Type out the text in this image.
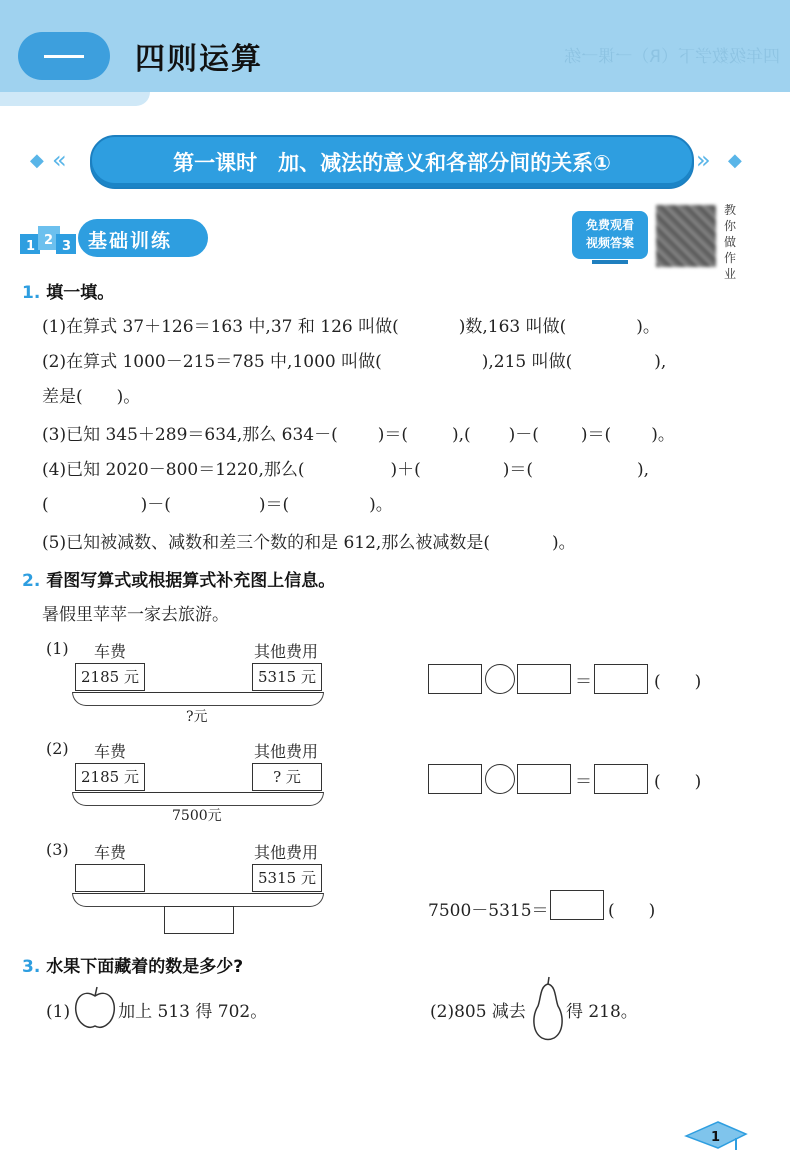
四年级数学下（R）一课一练
四则运算
◆ «	第一课时　加、减法的意义和各部分间的关系①	» ◆
1 2 3 基础训练
免费观看
视频答案
教你做作业
1. 填一填。
(1)在算式 37＋126＝163 中,37 和 126 叫做(	)数,163 叫做(	)。
(2)在算式 1000－215＝785 中,1000 叫做(	),215 叫做(	),
差是(　　)。
(3)已知 345＋289＝634,那么 634－( )＝(	),( )－( )＝( )。
(4)已知 2020－800＝1220,那么(	)＋(	)＝(	),
(	)－(	)＝(	)。
(5)已知被减数、减数和差三个数的和是 612,那么被减数是(	)。
2. 看图写算式或根据算式补充图上信息。
暑假里苹苹一家去旅游。
(1) 车费	其他费用
2185 元	5315 元
?元
＝	(　　)
(2) 车费	其他费用
2185 元	? 元
7500元
＝	(　　)
(3) 车费	其他费用
5315 元
7500－5315＝	(　　)
3. 水果下面藏着的数是多少?
(1)	加上 513 得 702。	(2)805 减去 得 218。
1
